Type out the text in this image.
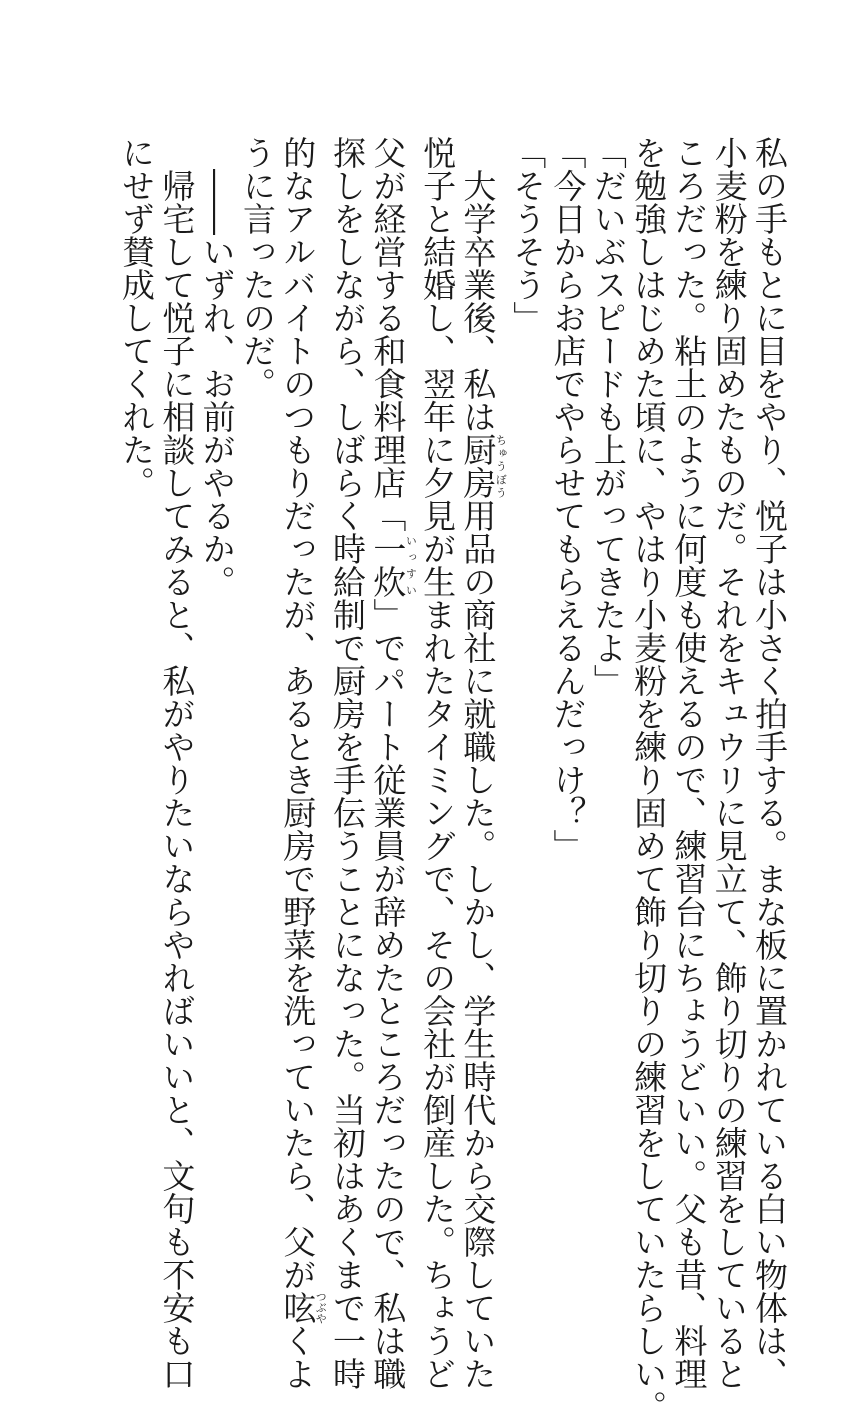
私の手もとに目をやり、悦子は小さく拍手する。まな板に置かれている白い物体は、

小麦粉を練り固めたものだ。それをキュウリに見立て、飾り切りの練習をしていると

ころだった。粘土のように何度も使えるので、練習台にちょうどいい。父も昔、料理

を勉強しはじめた頃に、やはり小麦粉を練り固めて飾り切りの練習をしていたらしい。

「だいぶスピードも上がってきたよ」

「今日からお店でやらせてもらえるんだっけ？」

「そうそう」

大学卒業後、私は厨房ちゅうぼう用品の商社に就職した。しかし、学生時代から交際していた

悦子と結婚し、翌年に夕見が生まれたタイミングで、その会社が倒産した。ちょうど

父が経営する和食料理店「一炊いっすい」でパート従業員が辞めたところだったので、私は職

探しをしながら、しばらく時給制で厨房を手伝うことになった。当初はあくまで一時

的なアルバイトのつもりだったが、あるとき厨房で野菜を洗っていたら、父が呟つぶやくよ

うに言ったのだ。

――いずれ、お前がやるか。

帰宅して悦子に相談してみると、私がやりたいならやればいいと、文句も不安も口

にせず賛成してくれた。
